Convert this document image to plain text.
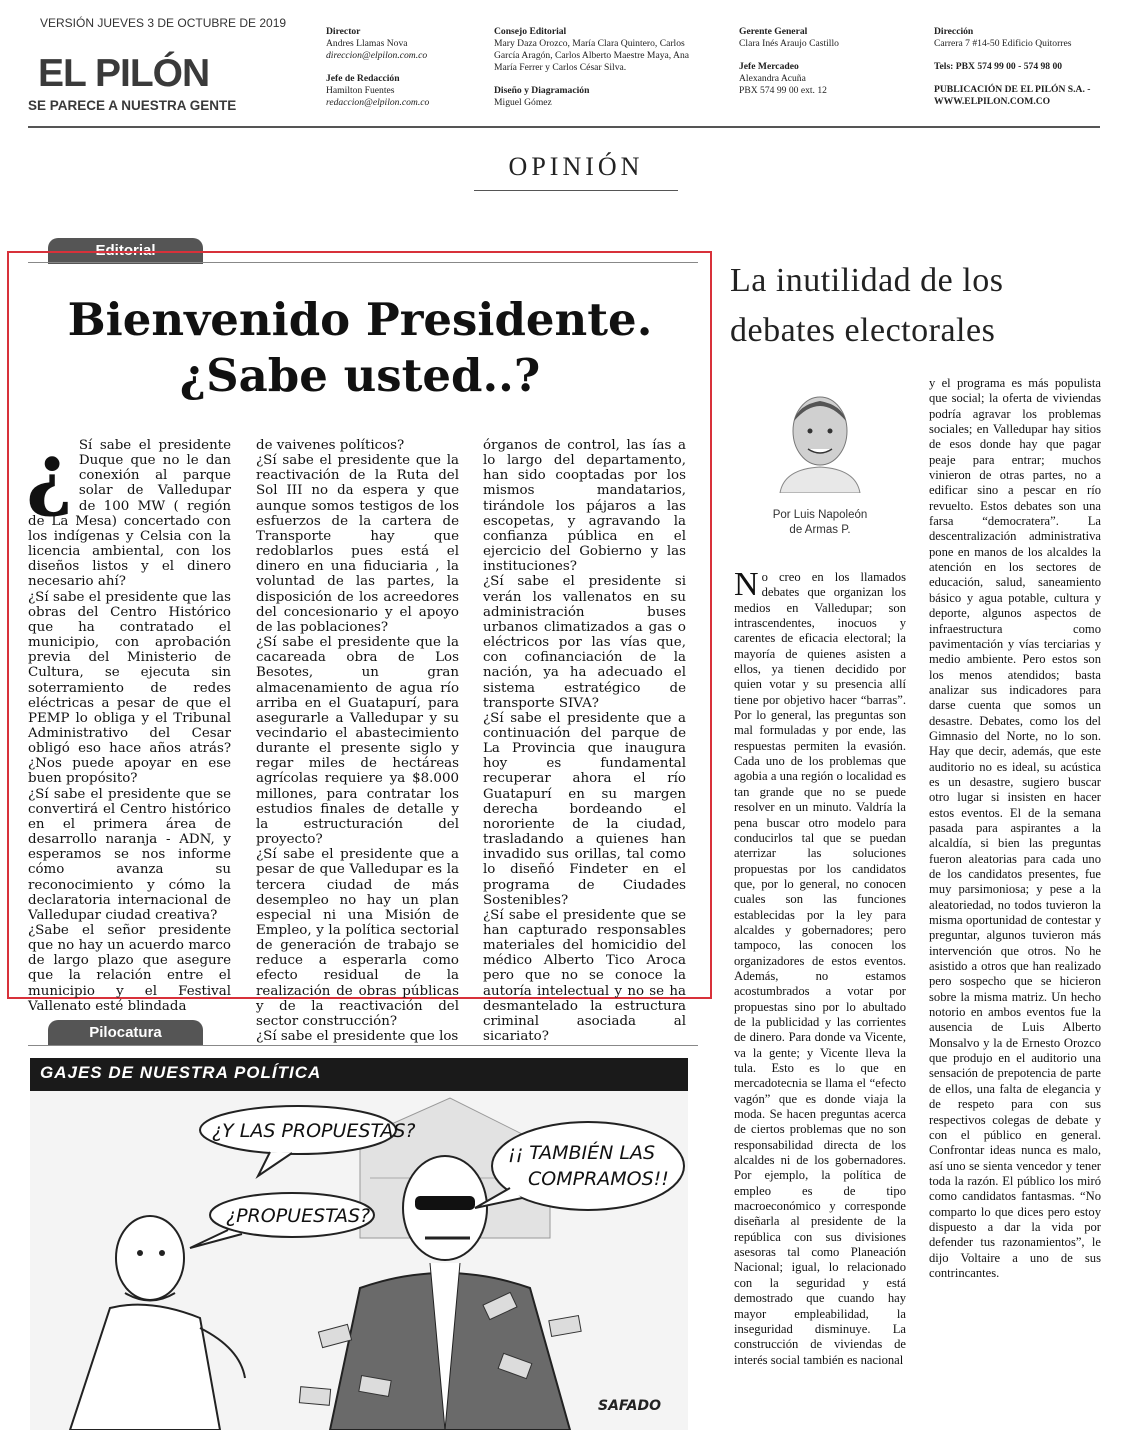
VERSIÓN JUEVES 3 DE OCTUBRE DE 2019
EL PILÓN
SE PARECE A NUESTRA GENTE
Director
Andres Llamas Nova
direccion@elpilon.com.co
Jefe de Redacción
Hamilton Fuentes
redaccion@elpilon.com.co
Consejo Editorial
Mary Daza Orozco, María Clara Quintero, Carlos García Aragón, Carlos Alberto Maestre Maya, Ana María Ferrer y Carlos César Silva.
Diseño y Diagramación
Miguel Gómez
Gerente General
Clara Inés Araujo Castillo
Jefe Mercadeo
Alexandra Acuña
PBX 574 99 00 ext. 12
Dirección
Carrera 7 #14-50 Edificio Quitorres
Tels: PBX 574 99 00 - 574 98 00
PUBLICACIÓN DE EL PILÓN S.A. - WWW.ELPILON.COM.CO
OPINIÓN
Editorial
Bienvenido Presidente.
¿Sabe usted..?
¿ Sí sabe el presidente Duque que no le dan conexión al parque solar de Valledupar de 100 MW ( región de La Mesa) concertado con los indígenas y Celsia con la licencia ambiental, con los diseños listos y el dinero necesario ahí?

¿Sí sabe el presidente que las obras del Centro Histórico que ha contratado el municipio, con aprobación previa del Ministerio de Cultura, se ejecuta sin soterramiento de redes eléctricas a pesar de que el PEMP lo obliga y el Tribunal Administrativo del Cesar obligó eso hace años atrás? ¿Nos puede apoyar en ese buen propósito?

¿Sí sabe el presidente que se convertirá el Centro histórico en el primera área de desarrollo naranja - ADN, y esperamos se nos informe cómo avanza su reconocimiento y cómo la declaratoria internacional de Valledupar ciudad creativa?

¿Sabe el señor presidente que no hay un acuerdo marco de largo plazo que asegure que la relación entre el municipio y el Festival Vallenato esté blindada

de vaivenes políticos?

¿Sí sabe el presidente que la reactivación de la Ruta del Sol III no da espera y que aunque somos testigos de los esfuerzos de la cartera de Transporte hay que redoblarlos pues está el dinero en una fiduciaria , la voluntad de las partes, la disposición de los acreedores del concesionario y el apoyo de las poblaciones?

¿Sí sabe el presidente que la cacareada obra de Los Besotes, un gran almacenamiento de agua río arriba en el Guatapurí, para asegurarle a Valledupar y su vecindario el abastecimiento durante el presente siglo y regar miles de hectáreas agrícolas requiere ya $8.000 millones, para contratar los estudios finales de detalle y la estructuración del proyecto?

¿Sí sabe el presidente que a pesar de que Valledupar es la tercera ciudad de más desempleo no hay un plan especial ni una Misión de Empleo, y la política sectorial de generación de trabajo se reduce a esperarla como efecto residual de la realización de obras públicas y de la reactivación del sector construcción?

¿Sí sabe el presidente que los

órganos de control, las ías a lo largo del departamento, han sido cooptadas por los mismos mandatarios, tirándole los pájaros a las escopetas, y agravando la confianza pública en el ejercicio del Gobierno y las instituciones?

¿Sí sabe el presidente si verán los vallenatos en su administración buses urbanos climatizados a gas o eléctricos por las vías que, con cofinanciación de la nación, ya ha adecuado el sistema estratégico de transporte SIVA?

¿Sí sabe el presidente que a continuación del parque de La Provincia que inaugura hoy es fundamental recuperar ahora el río Guatapurí en su margen derecha bordeando el nororiente de la ciudad, trasladando a quienes han invadido sus orillas, tal como lo diseñó Findeter en el programa de Ciudades Sostenibles?

¿Sí sabe el presidente que se han capturado responsables materiales del homicidio del médico Alberto Tico Aroca pero que no se conoce la autoría intelectual y no se ha desmantelado la estructura criminal asociada al sicariato?

Pilocatura
¿Y LAS PROPUESTAS?
¿PROPUESTAS?
¡¡ TAMBIÉN LAS
COMPRAMOS!!
SAFADO
GAJES DE NUESTRA POLÍTICA
La inutilidad de los debates electorales
Por Luis Napoleón de Armas P.
N o creo en los llamados debates que organizan los medios en Valledupar; son intrascendentes, inocuos y carentes de eficacia electoral; la mayoría de quienes asisten a ellos, ya tienen decidido por quien votar y su presencia allí tiene por objetivo hacer “barras”. Por lo general, las preguntas son mal formuladas y por ende, las respuestas permiten la evasión. Cada uno de los problemas que agobia a una región o localidad es tan grande que no se puede resolver en un minuto. Valdría la pena buscar otro modelo para conducirlos tal que se puedan aterrizar las soluciones propuestas por los candidatos que, por lo general, no conocen cuales son las funciones establecidas por la ley para alcaldes y gobernadores; pero tampoco, las conocen los organizadores de estos eventos. Además, no estamos acostumbrados a votar por propuestas sino por lo abultado de la publicidad y las corrientes de dinero. Para donde va Vicente, va la gente; y Vicente lleva la tula. Esto es lo que en mercadotecnia se llama el “efecto vagón” que es donde viaja la moda. Se hacen preguntas acerca de ciertos problemas que no son responsabilidad directa de los alcaldes ni de los gobernadores. Por ejemplo, la política de empleo es de tipo macroeconómico y corresponde diseñarla al presidente de la república con sus divisiones asesoras tal como Planeación Nacional; igual, lo relacionado con la seguridad y está demostrado que cuando hay mayor empleabilidad, la inseguridad disminuye. La construcción de viviendas de interés social también es nacional
y el programa es más populista que social; la oferta de viviendas podría agravar los problemas sociales; en Valledupar hay sitios de esos donde hay que pagar peaje para entrar; muchos vinieron de otras partes, no a edificar sino a pescar en río revuelto. Estos debates son una farsa “democratera”. La descentralización administrativa pone en manos de los alcaldes la atención en los sectores de educación, salud, saneamiento básico y agua potable, cultura y deporte, algunos aspectos de infraestructura como pavimentación y vías terciarias y medio ambiente. Pero estos son los menos atendidos; basta analizar sus indicadores para darse cuenta que somos un desastre. Debates, como los del Gimnasio del Norte, no lo son. Hay que decir, además, que este auditorio no es ideal, su acústica es un desastre, sugiero buscar otro lugar si insisten en hacer estos eventos. El de la semana pasada para aspirantes a la alcaldía, si bien las preguntas fueron aleatorias para cada uno de los candidatos presentes, fue muy parsimoniosa; y pese a la aleatoriedad, no todos tuvieron la misma oportunidad de contestar y preguntar, algunos tuvieron más intervención que otros. No he asistido a otros que han realizado pero sospecho que se hicieron sobre la misma matriz. Un hecho notorio en ambos eventos fue la ausencia de Luis Alberto Monsalvo y la de Ernesto Orozco que produjo en el auditorio una sensación de prepotencia de parte de ellos, una falta de elegancia y de respeto para con sus respectivos colegas de debate y con el público en general. Confrontar ideas nunca es malo, así uno se sienta vencedor y tener toda la razón. El público los miró como candidatos fantasmas. “No comparto lo que dices pero estoy dispuesto a dar la vida por defender tus razonamientos”, le dijo Voltaire a uno de sus contrincantes.
